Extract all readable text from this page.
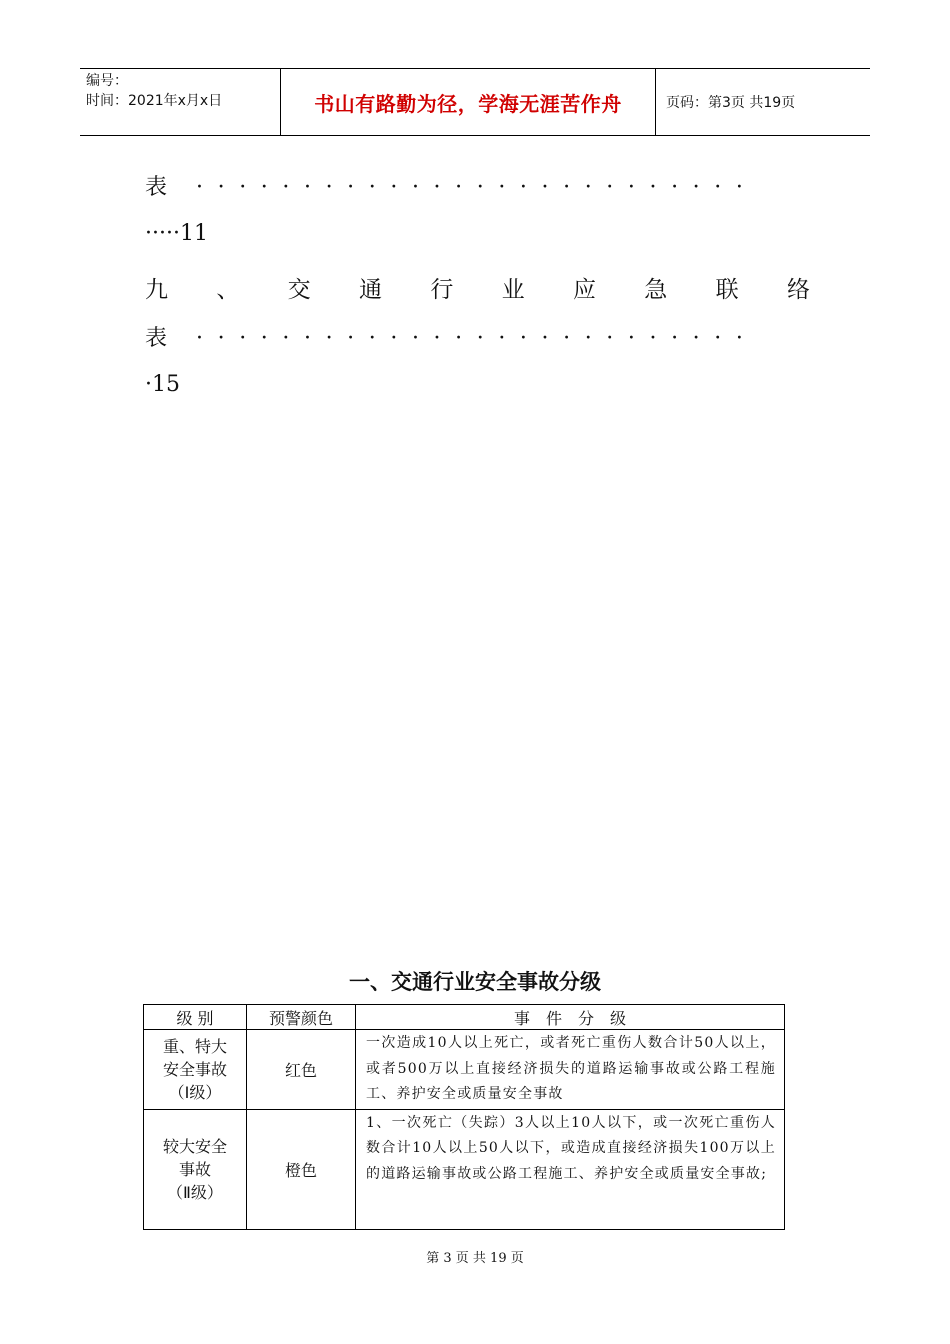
编号：
时间：2021年x月x日	书山有路勤为径，学海无涯苦作舟	页码：第3页 共19页
表 ··························
·····11
九 、 交 通 行 业 应 急 联 络
表 ··························
·15
一、交通行业安全事故分级
级 别	预警颜色	事　件　分　级

重、特大
安全事故
（Ⅰ级）	红色	一次造成10人以上死亡，或者死亡重伤人数合计50人以上，或者500万以上直接经济损失的道路运输事故或公路工程施工、养护安全或质量安全事故

较大安全
事故
（Ⅱ级）	橙色	1、一次死亡（失踪）3人以上10人以下，或一次死亡重伤人数合计10人以上50人以下，或造成直接经济损失100万以上的道路运输事故或公路工程施工、养护安全或质量安全事故;
第 3 页 共 19 页
